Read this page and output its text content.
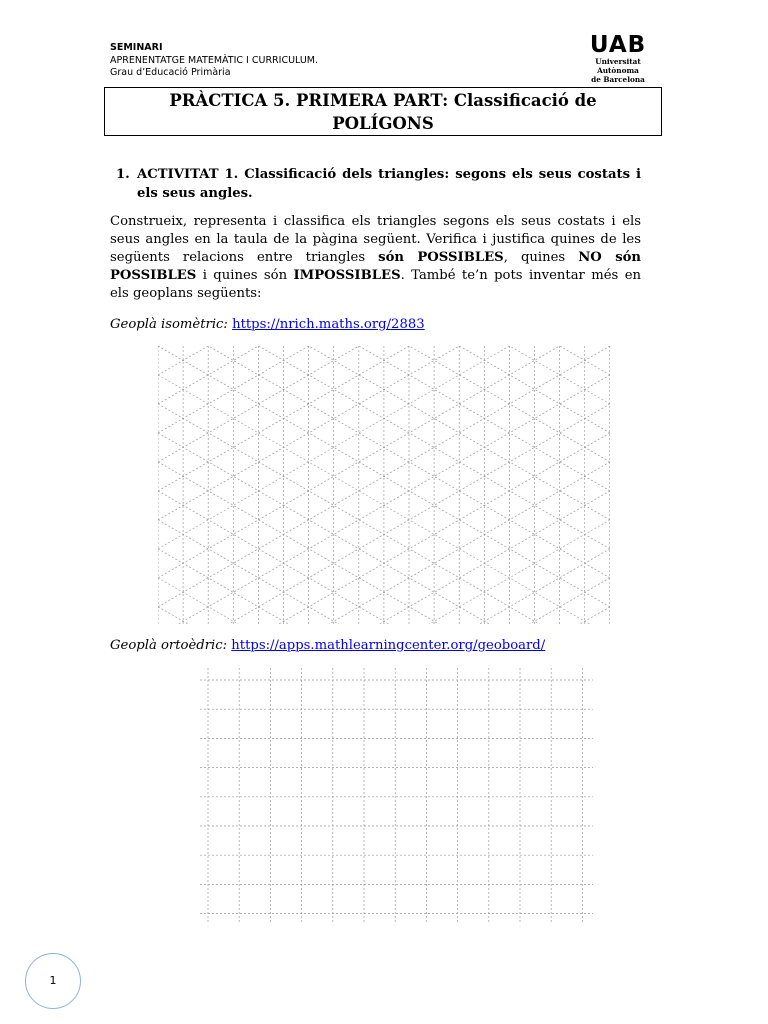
SEMINARI
APRENENTATGE MATEMÀTIC I CURRICULUM.
Grau d’Educació Primària
UAB
Universitat Autònoma
de Barcelona
PRÀCTICA 5. PRIMERA PART: Classificació de
POLÍGONS
1. ACTIVITAT 1. Classificació dels triangles: segons els seus costats i els seus angles.
Construeix, representa i classifica els triangles segons els seus costats i els seus angles en la taula de la pàgina següent. Verifica i justifica quines de les següents relacions entre triangles són POSSIBLES, quines NO són POSSIBLES i quines són IMPOSSIBLES. També te’n pots inventar més en els geoplans següents:
Geoplà isomètric: https://nrich.maths.org/2883
Geoplà ortoèdric: https://apps.mathlearningcenter.org/geoboard/
1
